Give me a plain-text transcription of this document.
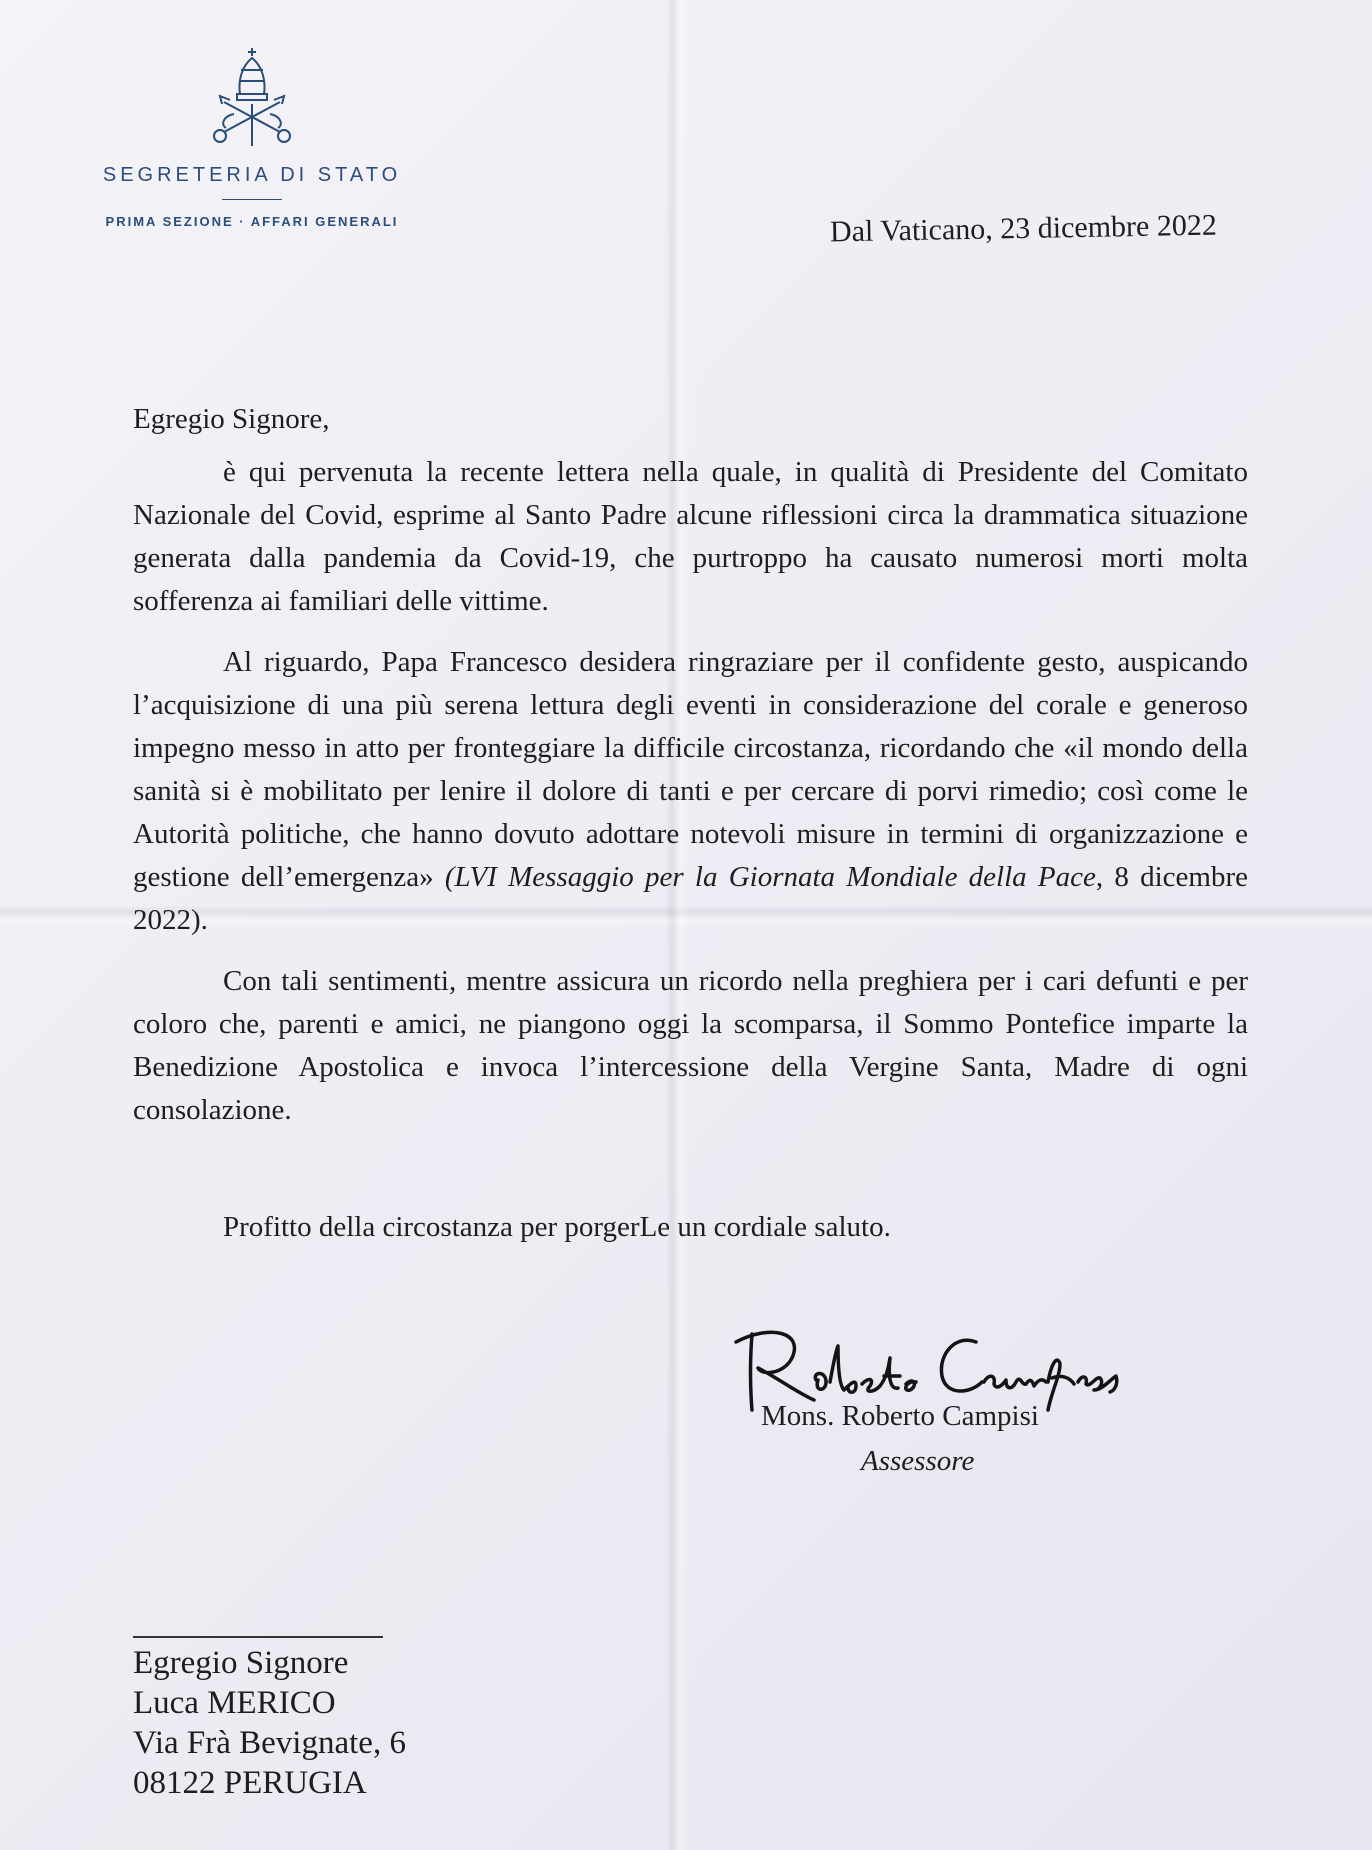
SEGRETERIA DI STATO
PRIMA SEZIONE · AFFARI GENERALI	Dal Vaticano, 23 dicembre 2022

Egregio Signore,

è qui pervenuta la recente lettera nella quale, in qualità di Presidente del Comitato Nazionale del Covid, esprime al Santo Padre alcune riflessioni circa la drammatica situazione generata dalla pandemia da Covid-19, che purtroppo ha causato numerosi morti molta sofferenza ai familiari delle vittime.

Al riguardo, Papa Francesco desidera ringraziare per il confidente gesto, auspicando l’acquisizione di una più serena lettura degli eventi in considerazione del corale e generoso impegno messo in atto per fronteggiare la difficile circostanza, ricordando che «il mondo della sanità si è mobilitato per lenire il dolore di tanti e per cercare di porvi rimedio; così come le Autorità politiche, che hanno dovuto adottare notevoli misure in termini di organizzazione e gestione dell’emergenza» (LVI Messaggio per la Giornata Mondiale della Pace, 8 dicembre 2022).

Con tali sentimenti, mentre assicura un ricordo nella preghiera per i cari defunti e per coloro che, parenti e amici, ne piangono oggi la scomparsa, il Sommo Pontefice imparte la Benedizione Apostolica e invoca l’intercessione della Vergine Santa, Madre di ogni consolazione.

Profitto della circostanza per porgerLe un cordiale saluto.

Mons. Roberto Campisi
Assessore
Egregio Signore
Luca MERICO
Via Frà Bevignate, 6
08122 PERUGIA
